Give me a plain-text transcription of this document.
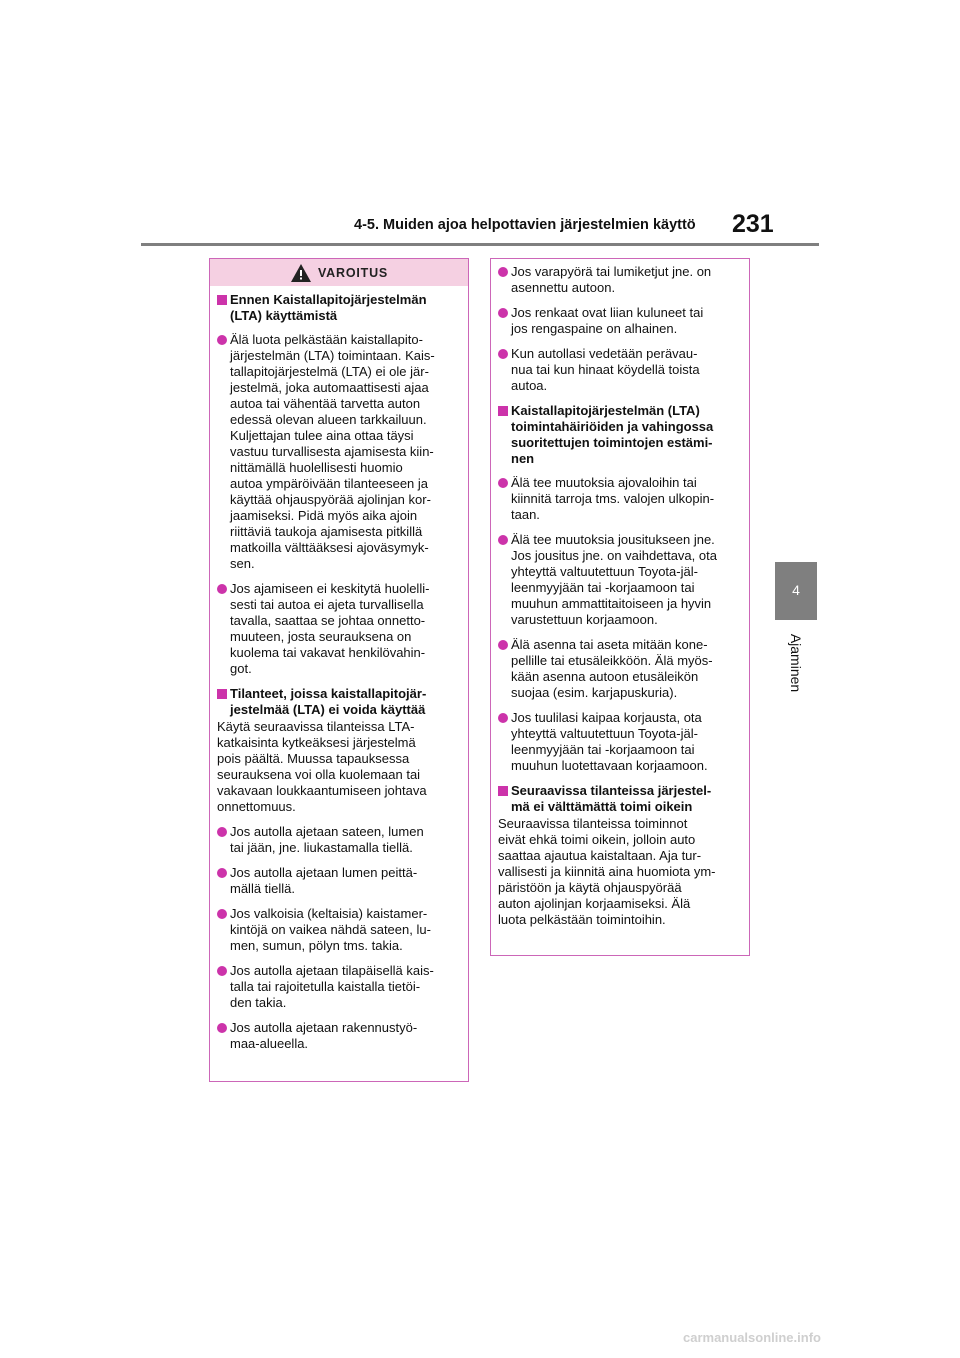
4-5. Muiden ajoa helpottavien järjestelmien käyttö 231
4
Ajaminen
VAROITUS
Ennen Kaistallapitojärjestelmän
(LTA) käyttämistä
Älä luota pelkästään kaistallapito-
järjestelmän (LTA) toimintaan. Kais-
tallapitojärjestelmä (LTA) ei ole jär-
jestelmä, joka automaattisesti ajaa
autoa tai vähentää tarvetta auton
edessä olevan alueen tarkkailuun.
Kuljettajan tulee aina ottaa täysi
vastuu turvallisesta ajamisesta kiin-
nittämällä huolellisesti huomio
autoa ympäröivään tilanteeseen ja
käyttää ohjauspyörää ajolinjan kor-
jaamiseksi. Pidä myös aika ajoin
riittäviä taukoja ajamisesta pitkillä
matkoilla välttääksesi ajoväsymyk-
sen.
Jos ajamiseen ei keskitytä huolelli-
sesti tai autoa ei ajeta turvallisella
tavalla, saattaa se johtaa onnetto-
muuteen, josta seurauksena on
kuolema tai vakavat henkilövahin-
got.
Tilanteet, joissa kaistallapitojär-
jestelmää (LTA) ei voida käyttää
Käytä seuraavissa tilanteissa LTA-
katkaisinta kytkeäksesi järjestelmä
pois päältä. Muussa tapauksessa
seurauksena voi olla kuolemaan tai
vakavaan loukkaantumiseen johtava
onnettomuus.
Jos autolla ajetaan sateen, lumen
tai jään, jne. liukastamalla tiellä.
Jos autolla ajetaan lumen peittä-
mällä tiellä.
Jos valkoisia (keltaisia) kaistamer-
kintöjä on vaikea nähdä sateen, lu-
men, sumun, pölyn tms. takia.
Jos autolla ajetaan tilapäisellä kais-
talla tai rajoitetulla kaistalla tietöi-
den takia.
Jos autolla ajetaan rakennustyö-
maa-alueella.
Jos varapyörä tai lumiketjut jne. on
asennettu autoon.
Jos renkaat ovat liian kuluneet tai
jos rengaspaine on alhainen.
Kun autollasi vedetään perävau-
nua tai kun hinaat köydellä toista
autoa.
Kaistallapitojärjestelmän (LTA)
toimintahäiriöiden ja vahingossa
suoritettujen toimintojen estämi-
nen
Älä tee muutoksia ajovaloihin tai
kiinnitä tarroja tms. valojen ulkopin-
taan.
Älä tee muutoksia jousitukseen jne.
Jos jousitus jne. on vaihdettava, ota
yhteyttä valtuutettuun Toyota-jäl-
leenmyyjään tai -korjaamoon tai
muuhun ammattitaitoiseen ja hyvin
varustettuun korjaamoon.
Älä asenna tai aseta mitään kone-
pellille tai etusäleikköön. Älä myös-
kään asenna autoon etusäleikön
suojaa (esim. karjapuskuria).
Jos tuulilasi kaipaa korjausta, ota
yhteyttä valtuutettuun Toyota-jäl-
leenmyyjään tai -korjaamoon tai
muuhun luotettavaan korjaamoon.
Seuraavissa tilanteissa järjestel-
mä ei välttämättä toimi oikein
Seuraavissa tilanteissa toiminnot
eivät ehkä toimi oikein, jolloin auto
saattaa ajautua kaistaltaan. Aja tur-
vallisesti ja kiinnitä aina huomiota ym-
päristöön ja käytä ohjauspyörää
auton ajolinjan korjaamiseksi. Älä
luota pelkästään toimintoihin.
carmanualsonline.info
